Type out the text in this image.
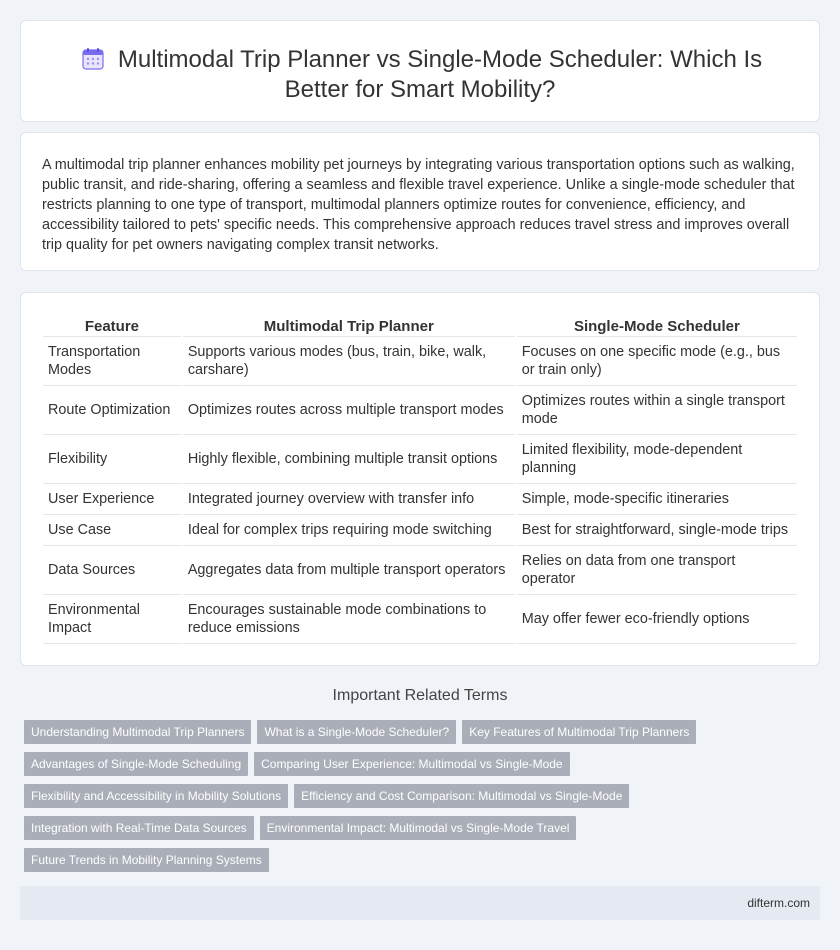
Multimodal Trip Planner vs Single-Mode Scheduler: Which Is
Better for Smart Mobility?

A multimodal trip planner enhances mobility pet journeys by integrating various transportation options such as walking, public transit, and ride-sharing, offering a seamless and flexible travel experience. Unlike a single-mode scheduler that restricts planning to one type of transport, multimodal planners optimize routes for convenience, efficiency, and accessibility tailored to pets' specific needs. This comprehensive approach reduces travel stress and improves overall trip quality for pet owners navigating complex transit networks.

Feature	Multimodal Trip Planner	Single-Mode Scheduler
Transportation Modes	Supports various modes (bus, train, bike, walk, carshare)	Focuses on one specific mode (e.g., bus or train only)
Route Optimization	Optimizes routes across multiple transport modes	Optimizes routes within a single transport mode
Flexibility	Highly flexible, combining multiple transit options	Limited flexibility, mode-dependent planning
User Experience	Integrated journey overview with transfer info	Simple, mode-specific itineraries
Use Case	Ideal for complex trips requiring mode switching	Best for straightforward, single-mode trips
Data Sources	Aggregates data from multiple transport operators	Relies on data from one transport operator
Environmental Impact	Encourages sustainable mode combinations to reduce emissions	May offer fewer eco-friendly options
Important Related Terms
Understanding Multimodal Trip Planners	What is a Single-Mode Scheduler?	Key Features of Multimodal Trip Planners
Advantages of Single-Mode Scheduling	Comparing User Experience: Multimodal vs Single-Mode
Flexibility and Accessibility in Mobility Solutions	Efficiency and Cost Comparison: Multimodal vs Single-Mode
Integration with Real-Time Data Sources	Environmental Impact: Multimodal vs Single-Mode Travel
Future Trends in Mobility Planning Systems
difterm.com
